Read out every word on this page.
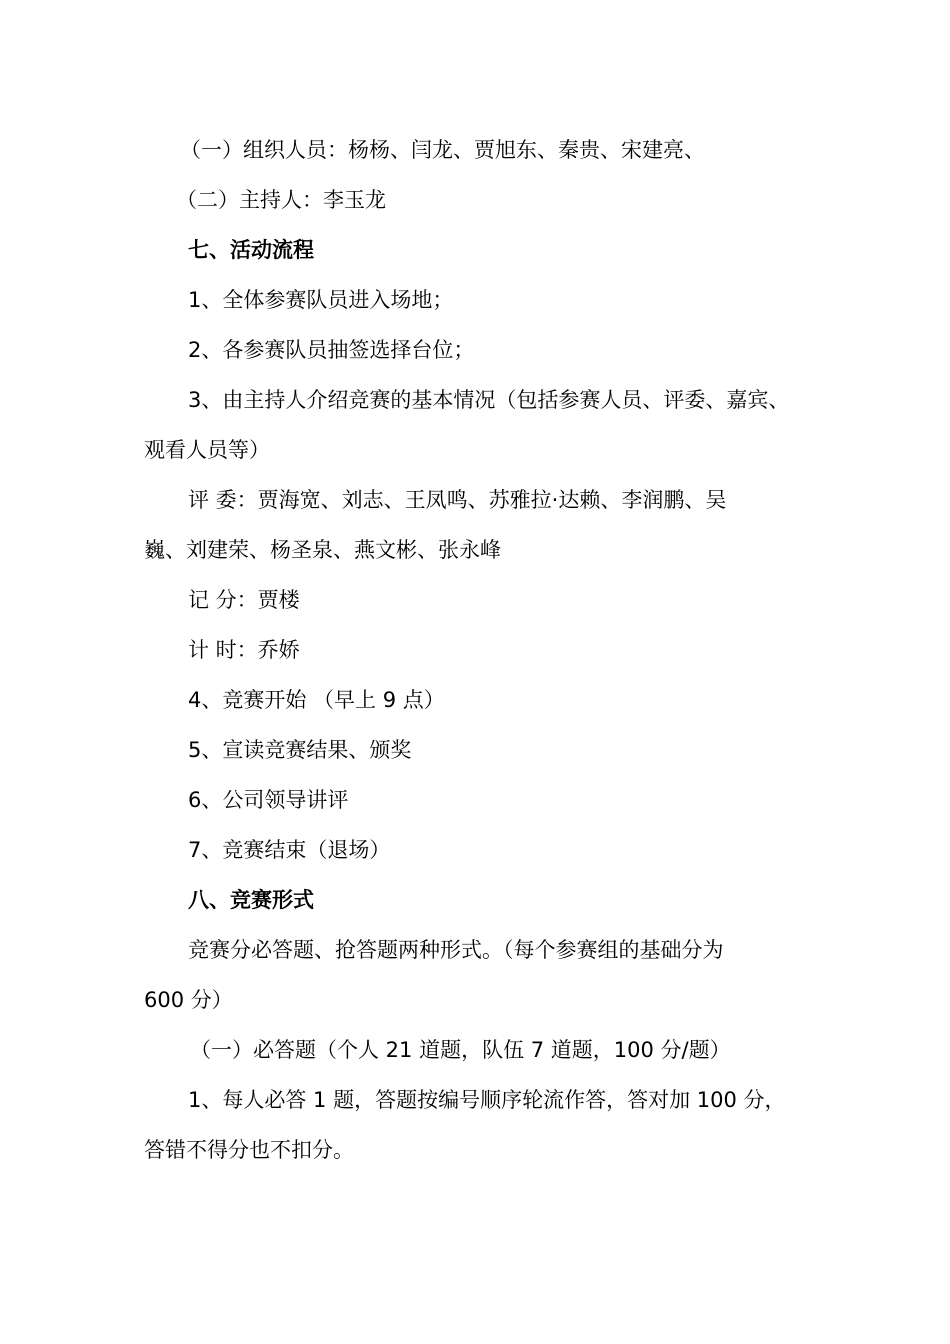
（一）组织人员：杨杨、闫龙、贾旭东、秦贵、宋建亮、
（二）主持人：李玉龙
七、活动流程
1、全体参赛队员进入场地；
2、各参赛队员抽签选择台位；
3、由主持人介绍竞赛的基本情况（包括参赛人员、评委、嘉宾、
观看人员等）
评 委：贾海宽、刘志、王凤鸣、苏雅拉·达赖、李润鹏、吴
巍、刘建荣、杨圣泉、燕文彬、张永峰
记 分：贾楼
计 时：乔娇
4、竞赛开始 （早上 9 点）
5、宣读竞赛结果、颁奖
6、公司领导讲评
7、竞赛结束（退场）
八、竞赛形式
竞赛分必答题、抢答题两种形式。（每个参赛组的基础分为
600 分）
（一）必答题（个人 21 道题，队伍 7 道题，100 分/题）
1、每人必答 1 题，答题按编号顺序轮流作答，答对加 100 分，
答错不得分也不扣分。
